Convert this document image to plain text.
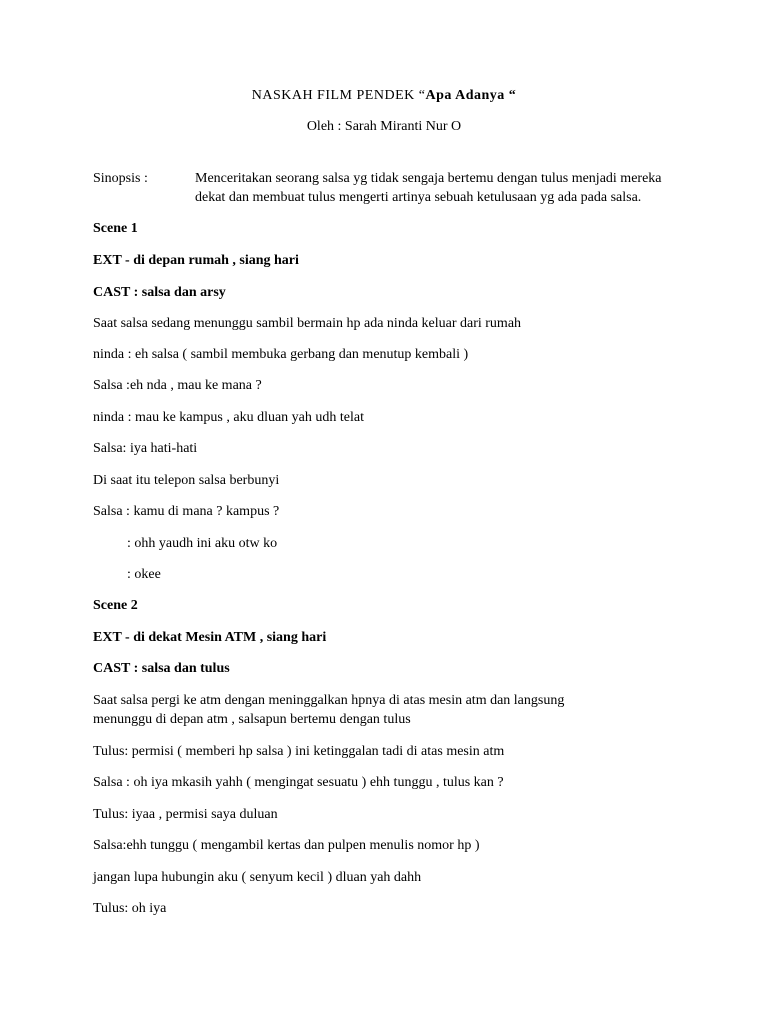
NASKAH FILM PENDEK “Apa Adanya “
Oleh : Sarah Miranti Nur O
Sinopsis :	Menceritakan seorang salsa yg tidak sengaja bertemu dengan tulus menjadi mereka
dekat dan membuat tulus mengerti artinya sebuah ketulusaan yg ada pada salsa.
Scene 1
EXT - di depan rumah , siang hari
CAST : salsa dan arsy
Saat salsa sedang menunggu sambil bermain hp ada ninda keluar dari rumah
ninda : eh salsa ( sambil membuka gerbang dan menutup kembali )
Salsa :eh nda , mau ke mana ?
ninda : mau ke kampus , aku dluan yah udh telat
Salsa: iya hati-hati
Di saat itu telepon salsa berbunyi
Salsa : kamu di mana ? kampus ?
: ohh yaudh ini aku otw ko
: okee
Scene 2
EXT - di dekat Mesin ATM , siang hari
CAST : salsa dan tulus
Saat salsa pergi ke atm dengan meninggalkan hpnya di atas mesin atm dan langsung
menunggu di depan atm , salsapun bertemu dengan tulus
Tulus: permisi ( memberi hp salsa ) ini ketinggalan tadi di atas mesin atm
Salsa : oh iya mkasih yahh ( mengingat sesuatu ) ehh tunggu , tulus kan ?
Tulus: iyaa , permisi saya duluan
Salsa:ehh tunggu ( mengambil kertas dan pulpen menulis nomor hp )
jangan lupa hubungin aku ( senyum kecil ) dluan yah dahh
Tulus: oh iya
